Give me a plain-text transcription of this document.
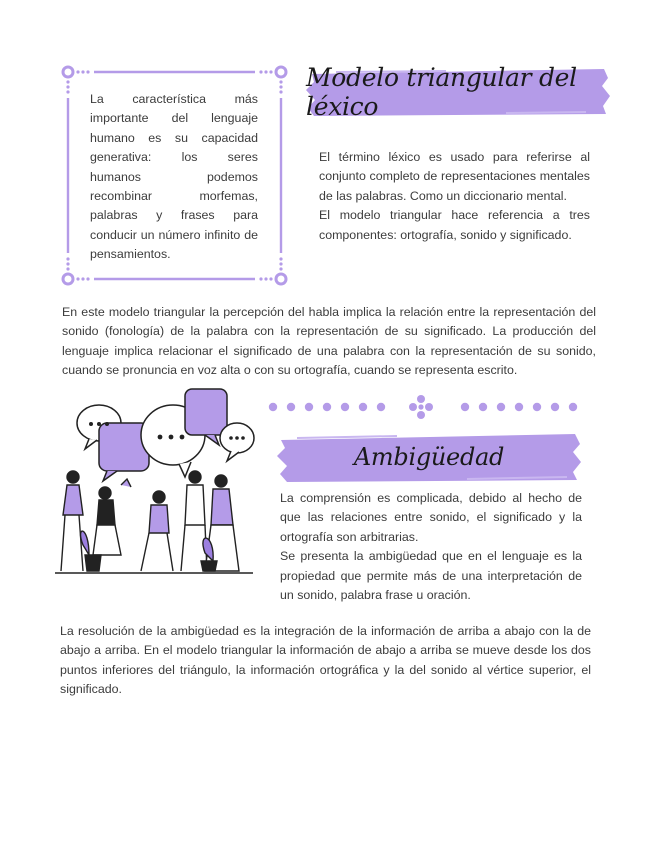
La característica más importante del lenguaje humano es su capacidad generativa: los seres humanos podemos recombinar morfemas, palabras y frases para conducir un número infinito de pensamientos.

Modelo triangular del léxico

El término léxico es usado para referirse al conjunto completo de representaciones mentales de las palabras. Como un diccionario mental.

El modelo triangular hace referencia a tres componentes: ortografía, sonido y significado.

En este modelo triangular la percepción del habla implica la relación entre la representación del sonido (fonología) de la palabra con la representación de su significado. La producción del lenguaje implica relacionar el significado de una palabra con la representación de su sonido, cuando se pronuncia en voz alta o con su ortografía, cuando se representa escrito.

Ambigüedad

La comprensión es complicada, debido al hecho de que las relaciones entre sonido, el significado y la ortografía son arbitrarias.

Se presenta la ambigüedad que en el lenguaje es la propiedad que permite más de una interpretación de un sonido, palabra frase u oración.

La resolución de la ambigüedad es la integración de la información de arriba a abajo con la de abajo a arriba. En el modelo triangular la información de abajo a arriba se mueve desde los dos puntos inferiores del triángulo, la información ortográfica y la del sonido al vértice superior, el significado.
